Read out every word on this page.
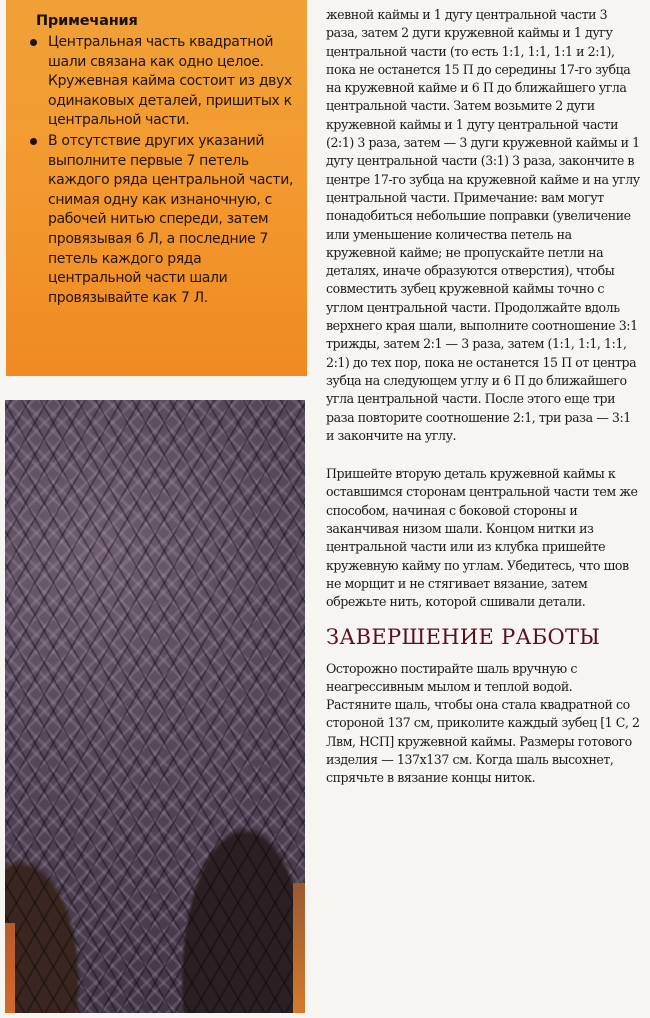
Примечания
Центральная часть квадратной шали связана как одно целое. Кружевная кайма состоит из двух одинаковых деталей, пришитых к центральной части.
В отсутствие других указаний выполните первые 7 петель каждого ряда центральной части, снимая одну как изнаночную, с рабочей нитью спереди, затем провязывая 6 Л, а последние 7 петель каждого ряда центральной части шали провязывайте как 7 Л.

жевной каймы и 1 дугу центральной части 3 раза, затем 2 дуги кружевной каймы и 1 дугу центральной части (то есть 1:1, 1:1, 1:1 и 2:1), пока не останется 15 П до середины 17-го зубца на кружевной кайме и 6 П до ближайшего угла центральной части. Затем возьмите 2 дуги кружевной каймы и 1 дугу центральной части (2:1) 3 раза, затем — 3 дуги кружевной каймы и 1 дугу центральной части (3:1) 3 раза, закончите в центре 17-го зубца на кружевной кайме и на углу центральной части. Примечание: вам могут понадобиться небольшие поправки (увеличение или уменьшение количества петель на кружевной кайме; не пропускайте петли на деталях, иначе образуются отверстия), чтобы совместить зубец кружевной каймы точно с углом центральной части. Продолжайте вдоль верхнего края шали, выполните соотношение 3:1 трижды, затем 2:1 — 3 раза, затем (1:1, 1:1, 1:1, 2:1) до тех пор, пока не останется 15 П от центра зубца на следующем углу и 6 П до ближайшего угла центральной части. После этого еще три раза повторите соотношение 2:1, три раза — 3:1 и закончите на углу.

Пришейте вторую деталь кружевной каймы к оставшимся сторонам центральной части тем же способом, начиная с боковой стороны и заканчивая низом шали. Концом нитки из центральной части или из клубка пришейте кружевную кайму по углам. Убедитесь, что шов не морщит и не стягивает вязание, затем обрежьте нить, которой сшивали детали.

ЗАВЕРШЕНИЕ РАБОТЫ

Осторожно постирайте шаль вручную с неагрессивным мылом и теплой водой. Растяните шаль, чтобы она стала квадратной со стороной 137 см, приколите каждый зубец [1 С, 2 Лвм, НСП] кружевной каймы. Размеры готового изделия — 137x137 см. Когда шаль высохнет, спрячьте в вязание концы ниток.
